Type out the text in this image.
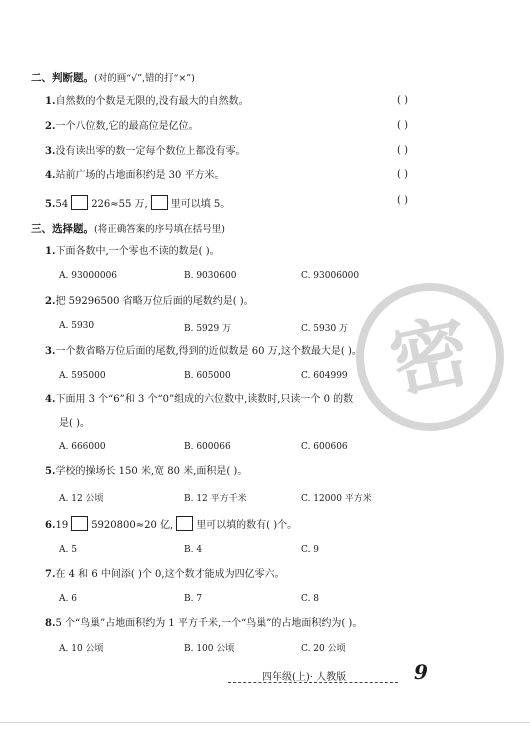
密
二、判断题。(对的画“√”,错的打“×”)
1.自然数的个数是无限的,没有最大的自然数。	( )
2.一个八位数,它的最高位是亿位。	( )
3.没有读出零的数一定每个数位上都没有零。	( )
4.站前广场的占地面积约是 30 平方米。	( )
5.54 226≈55 万, 里可以填 5。	( )
三、选择题。(将正确答案的序号填在括号里)
1.下面各数中,一个零也不读的数是( )。
A. 93000006	B. 9030600	C. 93006000
2.把 59296500 省略万位后面的尾数约是( )。
A. 5930	B. 5929 万	C. 5930 万
3.一个数省略万位后面的尾数,得到的近似数是 60 万,这个数最大是( )。
A. 595000	B. 605000	C. 604999
4.下面用 3 个“6”和 3 个“0”组成的六位数中,读数时,只读一个 0 的数
是( )。
A. 666000	B. 600066	C. 600606
5.学校的操场长 150 米,宽 80 米,面积是( )。
A. 12 公顷	B. 12 平方千米	C. 12000 平方米
6.19 5920800≈20 亿, 里可以填的数有( )个。
A. 5	B. 4	C. 9
7.在 4 和 6 中间添( )个 0,这个数才能成为四亿零六。
A. 6	B. 7	C. 8
8.5 个“鸟巢”占地面积约为 1 平方千米,一个“鸟巢”的占地面积约为( )。
A. 10 公顷	B. 100 公顷	C. 20 公顷
四年级(上)· 人教版	9
